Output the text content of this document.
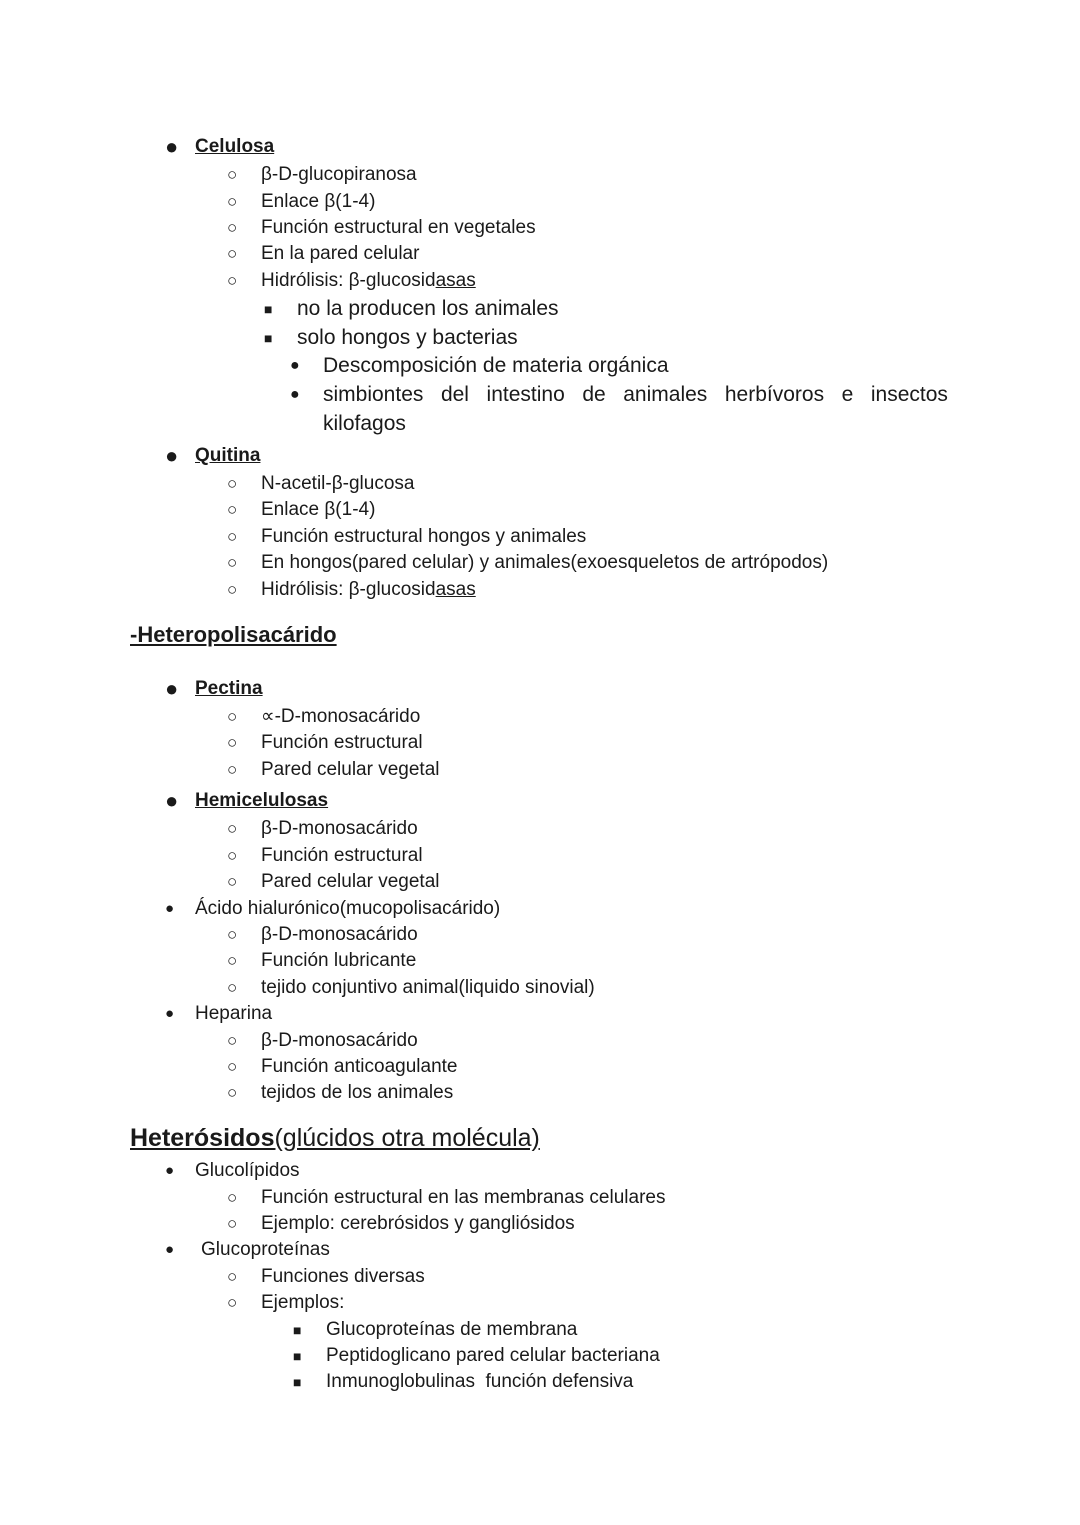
● Celulosa
○ β-D-glucopiranosa
○ Enlace β(1-4)
○ Función estructural en vegetales
○ En la pared celular
○ Hidrólisis: β-glucosidasas
■ no la producen los animales
■ solo hongos y bacterias
● Descomposición de materia orgánica
● simbiontes del intestino de animales herbívoros e insectos
kilofagos
● Quitina
○ N-acetil-β-glucosa
○ Enlace β(1-4)
○ Función estructural hongos y animales
○ En hongos(pared celular) y animales(exoesqueletos de artrópodos)
○ Hidrólisis: β-glucosidasas
-Heteropolisacárido
● Pectina
○ ∝-D-monosacárido
○ Función estructural
○ Pared celular vegetal
● Hemicelulosas
○ β-D-monosacárido
○ Función estructural
○ Pared celular vegetal
● Ácido hialurónico(mucopolisacárido)
○ β-D-monosacárido
○ Función lubricante
○ tejido conjuntivo animal(liquido sinovial)
● Heparina
○ β-D-monosacárido
○ Función anticoagulante
○ tejidos de los animales
Heterósidos(glúcidos otra molécula)
● Glucolípidos
○ Función estructural en las membranas celulares
○ Ejemplo: cerebrósidos y gangliósidos
● Glucoproteínas
○ Funciones diversas
○ Ejemplos:
■ Glucoproteínas de membrana
■ Peptidoglicano pared celular bacteriana
■ Inmunoglobulinas  función defensiva
